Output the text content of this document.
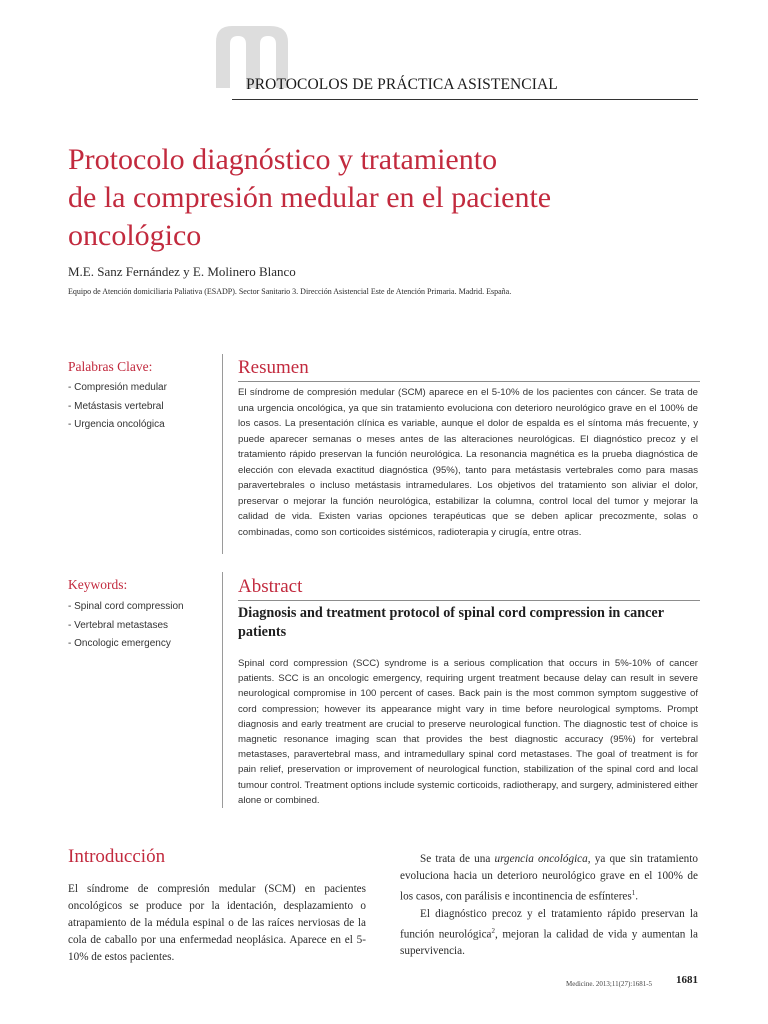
PROTOCOLOS DE PRÁCTICA ASISTENCIAL
Protocolo diagnóstico y tratamiento
de la compresión medular en el paciente
oncológico
M.E. Sanz Fernández y E. Molinero Blanco
Equipo de Atención domiciliaria Paliativa (ESADP). Sector Sanitario 3. Dirección Asistencial Este de Atención Primaria. Madrid. España.
Palabras Clave:
- Compresión medular
- Metástasis vertebral
- Urgencia oncológica
Resumen

El síndrome de compresión medular (SCM) aparece en el 5-10% de los pacientes con cáncer. Se trata de una urgencia oncológica, ya que sin tratamiento evoluciona con deterioro neurológico grave en el 100% de los casos. La presentación clínica es variable, aunque el dolor de espalda es el síntoma más frecuente, y puede aparecer semanas o meses antes de las alteraciones neurológicas. El diagnóstico precoz y el tratamiento rápido preservan la función neurológica. La resonancia magnética es la prueba diagnóstica de elección con elevada exactitud diagnóstica (95%), tanto para metástasis vertebrales como para masas paravertebrales o incluso metástasis intramedulares. Los objetivos del tratamiento son aliviar el dolor, preservar o mejorar la función neurológica, estabilizar la columna, control local del tumor y mejorar la calidad de vida. Existen varias opciones terapéuticas que se deben aplicar precozmente, solas o combinadas, como son corticoides sistémicos, radioterapia y cirugía, entre otras.

Keywords:
- Spinal cord compression
- Vertebral metastases
- Oncologic emergency
Abstract

Diagnosis and treatment protocol of spinal cord compression in cancer patients

Spinal cord compression (SCC) syndrome is a serious complication that occurs in 5%-10% of cancer patients. SCC is an oncologic emergency, requiring urgent treatment because delay can result in severe neurological compromise in 100 percent of cases. Back pain is the most common symptom suggestive of cord compression; however its appearance might vary in time before neurological symptoms. Prompt diagnosis and early treatment are crucial to preserve neurological function. The diagnostic test of choice is magnetic resonance imaging scan that provides the best diagnostic accuracy (95%) for vertebral metastases, paravertebral mass, and intramedullary spinal cord metastases. The goal of treatment is for pain relief, preservation or improvement of neurological function, stabilization of the spinal cord and local tumour control. Treatment options include systemic corticoids, radiotherapy, and surgery, administered either alone or combined.

Introducción

El síndrome de compresión medular (SCM) en pacientes oncológicos se produce por la identación, desplazamiento o atrapamiento de la médula espinal o de las raíces nerviosas de la cola de caballo por una enfermedad neoplásica. Aparece en el 5-10% de estos pacientes.

Se trata de una urgencia oncológica, ya que sin tratamiento evoluciona hacia un deterioro neurológico grave en el 100% de los casos, con parálisis e incontinencia de esfínteres$^1$.

El diagnóstico precoz y el tratamiento rápido preservan la función neurológica$^2$, mejoran la calidad de vida y aumentan la supervivencia.

Medicine. 2013;11(27):1681-5 1681
